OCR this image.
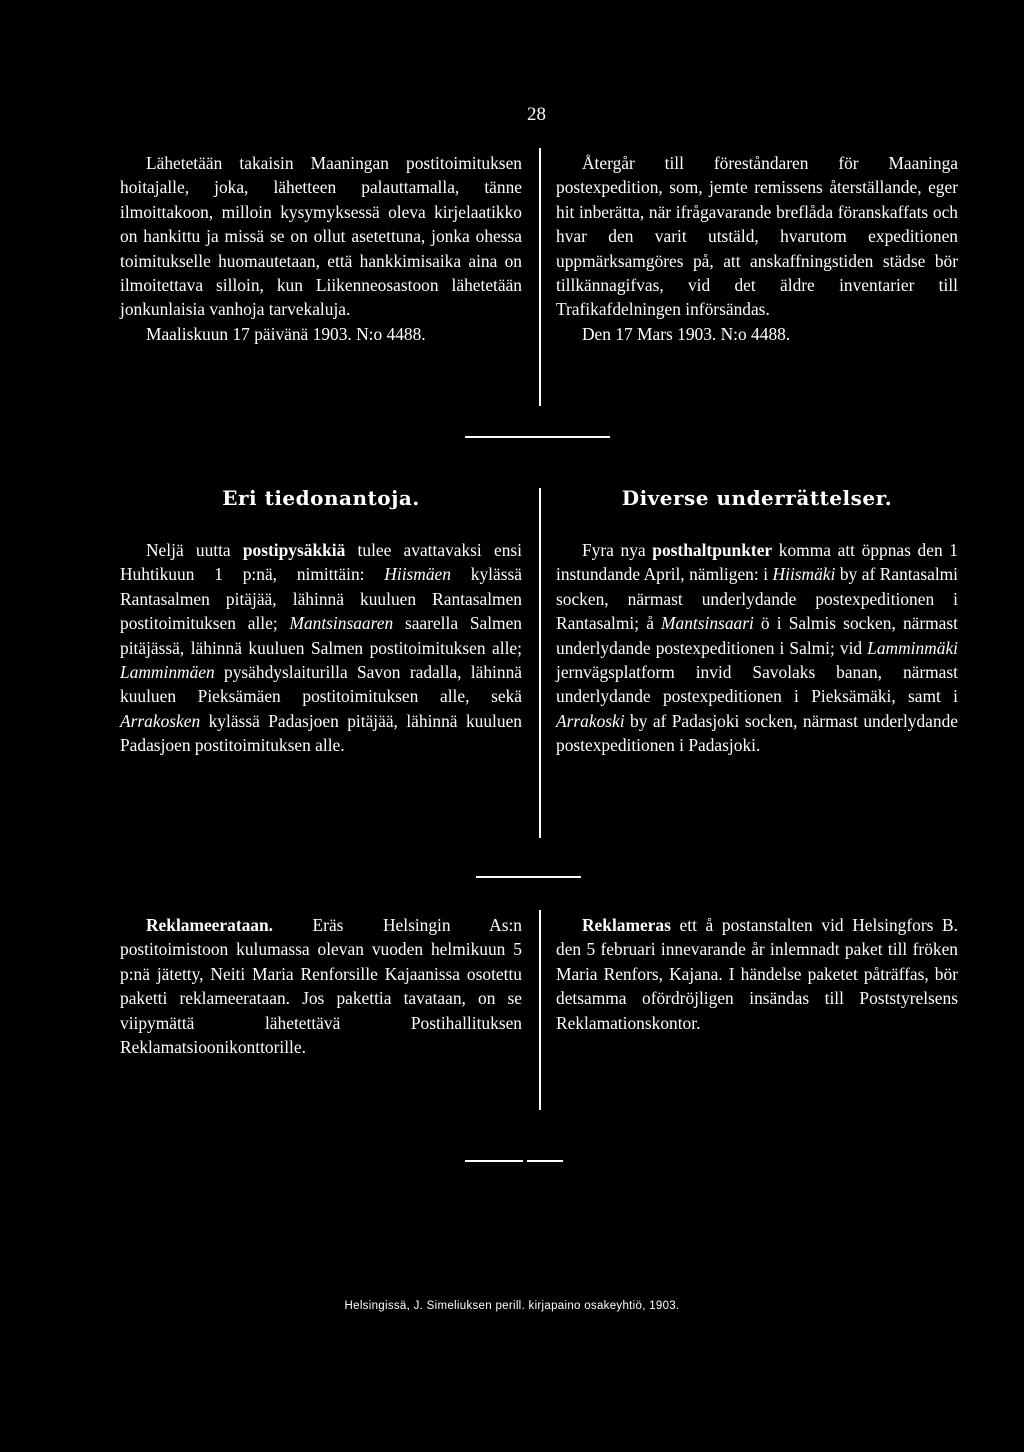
28

Lähetetään takaisin Maaningan postitoimituksen hoitajalle, joka, lähetteen palauttamalla, tänne ilmoittakoon, milloin kysymyksessä oleva kirjelaatikko on hankittu ja missä se on ollut asetettuna, jonka ohessa toimitukselle huomautetaan, että hankkimisaika aina on ilmoitettava silloin, kun Liikenneosastoon lähetetään jonkunlaisia vanhoja tarvekaluja.

Maaliskuun 17 päivänä 1903. N:o 4488.

Återgår till föreståndaren för Maaninga postexpedition, som, jemte remissens återställande, eger hit inberätta, när ifrågavarande breflåda föranskaffats och hvar den varit utstäld, hvarutom expeditionen uppmärksamgöres på, att anskaffningstiden städse bör tillkännagifvas, vid det äldre inventarier till Trafikafdelningen införsändas.

Den 17 Mars 1903. N:o 4488.

Eri tiedonantoja.	Diverse underrättelser.

Neljä uutta postipysäkkiä tulee avattavaksi ensi Huhtikuun 1 p:nä, nimittäin: Hiismäen kylässä Rantasalmen pitäjää, lähinnä kuuluen Rantasalmen postitoimituksen alle; Mantsinsaaren saarella Salmen pitäjässä, lähinnä kuuluen Salmen postitoimituksen alle; Lamminmäen pysähdyslaiturilla Savon radalla, lähinnä kuuluen Pieksämäen postitoimituksen alle, sekä Arrakosken kylässä Padasjoen pitäjää, lähinnä kuuluen Padasjoen postitoimituksen alle.

Fyra nya posthaltpunkter komma att öppnas den 1 instundande April, nämligen: i Hiismäki by af Rantasalmi socken, närmast underlydande postexpeditionen i Rantasalmi; å Mantsinsaari ö i Salmis socken, närmast underlydande postexpeditionen i Salmi; vid Lamminmäki jernvägsplatform invid Savolaks banan, närmast underlydande postexpeditionen i Pieksämäki, samt i Arrakoski by af Padasjoki socken, närmast underlydande postexpeditionen i Padasjoki.

Reklameerataan. Eräs Helsingin As:n postitoimistoon kulumassa olevan vuoden helmikuun 5 p:nä jätetty, Neiti Maria Renforsille Kajaanissa osotettu paketti reklameerataan. Jos pakettia tavataan, on se viipymättä lähetettävä Postihallituksen Reklamatsioonikonttorille.

Reklameras ett å postanstalten vid Helsingfors B. den 5 februari innevarande år inlemnadt paket till fröken Maria Renfors, Kajana. I händelse paketet påträffas, bör detsamma ofördröjligen insändas till Poststyrelsens Reklamationskontor.

Helsingissä, J. Simeliuksen perill. kirjapaino osakeyhtiö, 1903.
